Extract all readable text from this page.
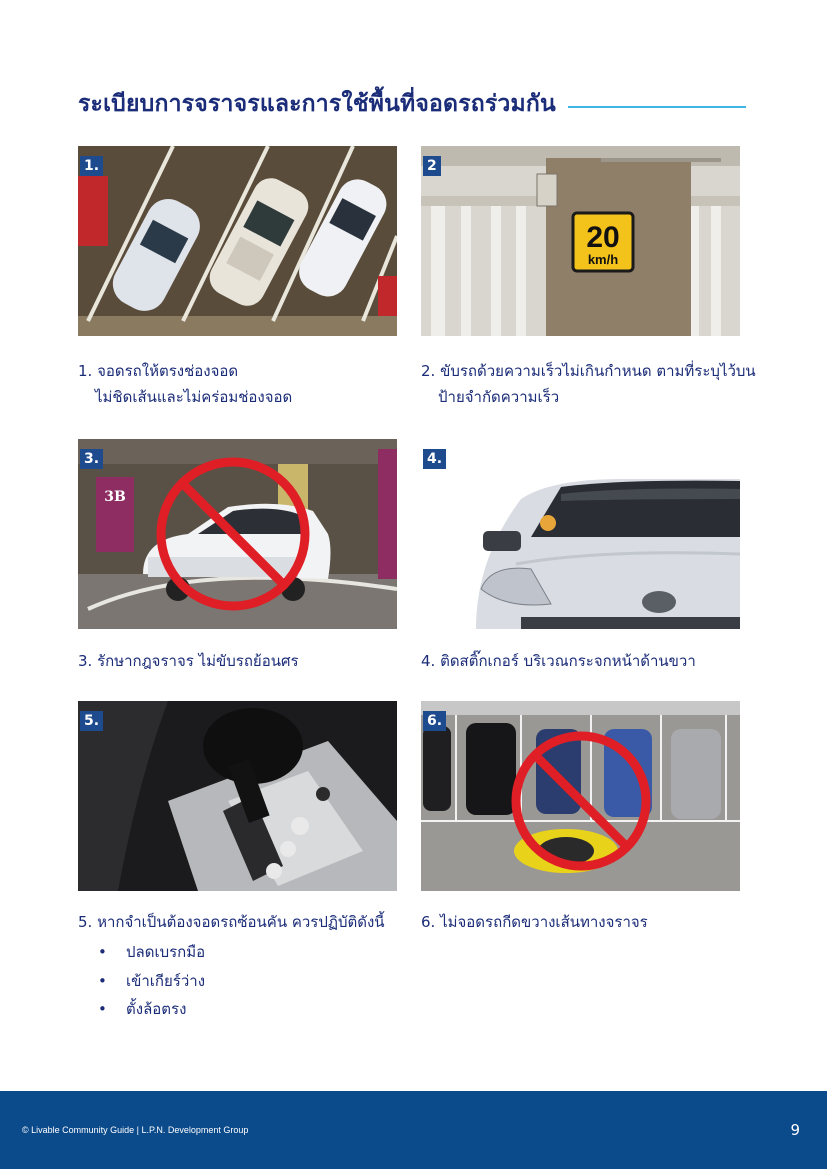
ระเบียบการจราจรและการใช้พื้นที่จอดรถร่วมกัน
1.
20
km/h
2
1. จอดรถให้ตรงช่องจอด
ไม่ชิดเส้นและไม่คร่อมช่องจอด
2. ขับรถด้วยความเร็วไม่เกินกำหนด ตามที่ระบุไว้บน
ป้ายจำกัดความเร็ว
3B
3.	4.
3. รักษากฎจราจร ไม่ขับรถย้อนศร	4. ติดสติ๊กเกอร์ บริเวณกระจกหน้าด้านขวา
5.	6.
5. หากจำเป็นต้องจอดรถซ้อนคัน ควรปฏิบัติดังนี้ 6. ไม่จอดรถกีดขวางเส้นทางจราจร
• ปลดเบรกมือ
• เข้าเกียร์ว่าง
• ตั้งล้อตรง
© Livable Community Guide | L.P.N. Development Group	9
